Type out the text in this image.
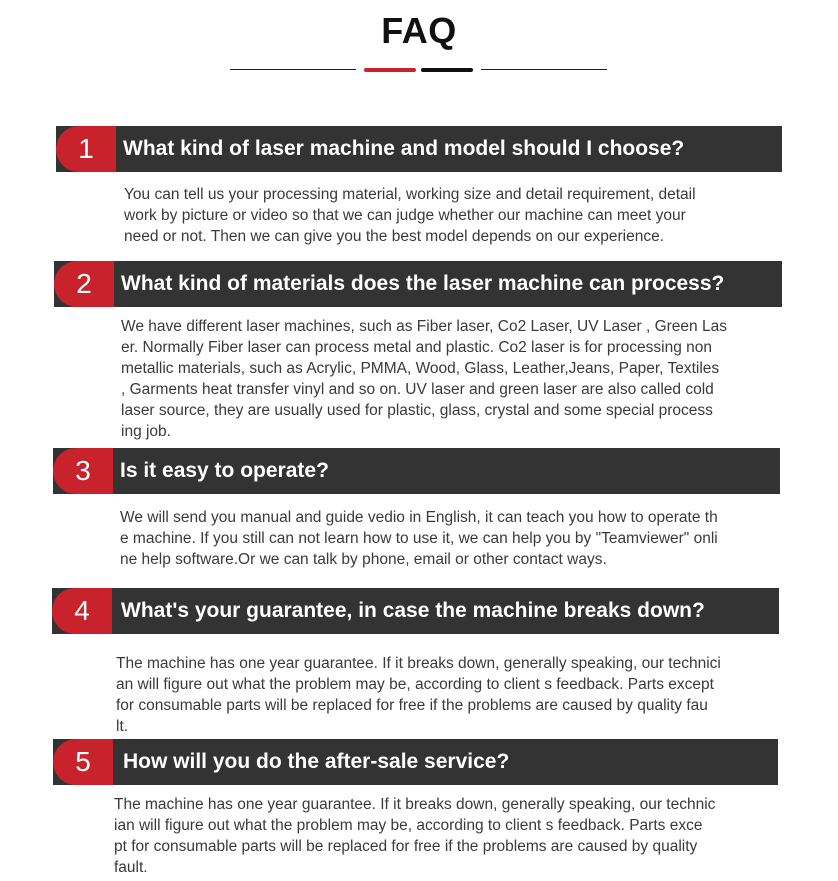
FAQ
1	What kind of laser machine and model should I choose?
You can tell us your processing material, working size and detail requirement, detail
work by picture or video so that we can judge whether our machine can meet your
need or not. Then we can give you the best model depends on our experience.
2	What kind of materials does the laser machine can process?
We have different laser machines, such as Fiber laser, Co2 Laser, UV Laser , Green Las
er. Normally Fiber laser can process metal and plastic. Co2 laser is for processing non
metallic materials, such as Acrylic, PMMA, Wood, Glass, Leather,Jeans, Paper, Textiles
, Garments heat transfer vinyl and so on. UV laser and green laser are also called cold
laser source, they are usually used for plastic, glass, crystal and some special process
ing job.
3	Is it easy to operate?
We will send you manual and guide vedio in English, it can teach you how to operate th
e machine. If you still can not learn how to use it, we can help you by "Teamviewer" onli
ne help software.Or we can talk by phone, email or other contact ways.
4	What's your guarantee, in case the machine breaks down?
The machine has one year guarantee. If it breaks down, generally speaking, our technici
an will figure out what the problem may be, according to client s feedback. Parts except
for consumable parts will be replaced for free if the problems are caused by quality fau
lt.
5	How will you do the after-sale service?
The machine has one year guarantee. If it breaks down, generally speaking, our technic
ian will figure out what the problem may be, according to client s feedback. Parts exce
pt for consumable parts will be replaced for free if the problems are caused by quality
fault.
